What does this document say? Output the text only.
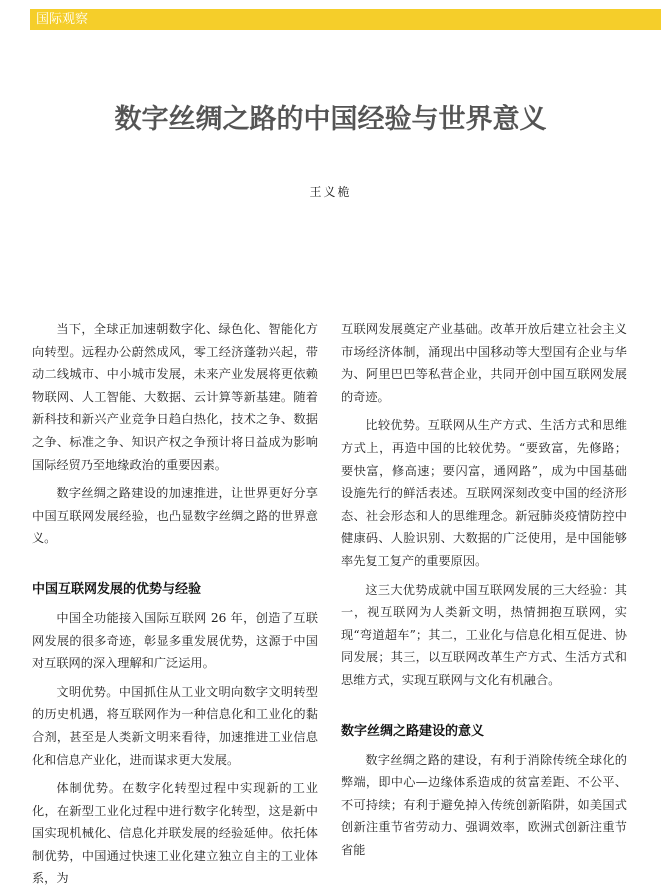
国际观察
数字丝绸之路的中国经验与世界意义
王义桅

当下，全球正加速朝数字化、绿色化、智能化方向转型。远程办公蔚然成风，零工经济蓬勃兴起，带动二线城市、中小城市发展，未来产业发展将更依赖物联网、人工智能、大数据、云计算等新基建。随着新科技和新兴产业竞争日趋白热化，技术之争、数据之争、标准之争、知识产权之争预计将日益成为影响国际经贸乃至地缘政治的重要因素。

数字丝绸之路建设的加速推进，让世界更好分享中国互联网发展经验，也凸显数字丝绸之路的世界意义。

中国互联网发展的优势与经验

中国全功能接入国际互联网 26 年，创造了互联网发展的很多奇迹，彰显多重发展优势，这源于中国对互联网的深入理解和广泛运用。

文明优势。中国抓住从工业文明向数字文明转型的历史机遇，将互联网作为一种信息化和工业化的黏合剂，甚至是人类新文明来看待，加速推进工业信息化和信息产业化，进而谋求更大发展。

体制优势。在数字化转型过程中实现新的工业化，在新型工业化过程中进行数字化转型，这是新中国实现机械化、信息化并联发展的经验延伸。依托体制优势，中国通过快速工业化建立独立自主的工业体系，为

互联网发展奠定产业基础。改革开放后建立社会主义市场经济体制，涌现出中国移动等大型国有企业与华为、阿里巴巴等私营企业，共同开创中国互联网发展的奇迹。

比较优势。互联网从生产方式、生活方式和思维方式上，再造中国的比较优势。“要致富，先修路；要快富，修高速；要闪富，通网路”，成为中国基础设施先行的鲜活表述。互联网深刻改变中国的经济形态、社会形态和人的思维理念。新冠肺炎疫情防控中健康码、人脸识别、大数据的广泛使用，是中国能够率先复工复产的重要原因。

这三大优势成就中国互联网发展的三大经验：其一，视互联网为人类新文明，热情拥抱互联网，实现“弯道超车”；其二，工业化与信息化相互促进、协同发展；其三，以互联网改革生产方式、生活方式和思维方式，实现互联网与文化有机融合。

数字丝绸之路建设的意义

数字丝绸之路的建设，有利于消除传统全球化的弊端，即中心—边缘体系造成的贫富差距、不公平、不可持续；有利于避免掉入传统创新陷阱，如美国式创新注重节省劳动力、强调效率，欧洲式创新注重节省能
